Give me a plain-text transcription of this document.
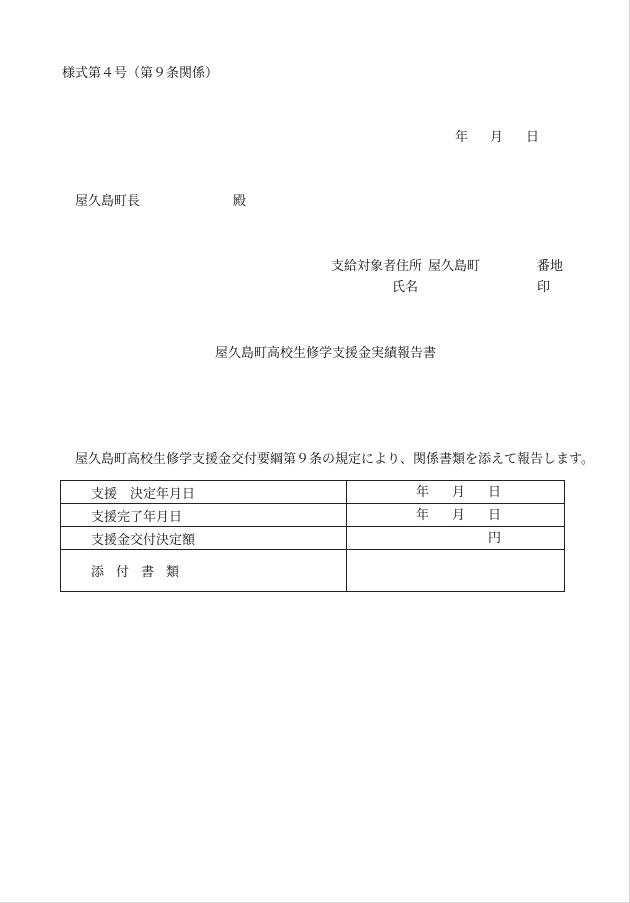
様式第４号（第９条関係）
年 月 日
屋久島町長	殿
支給対象者住所 屋久島町	番地
氏名	印
屋久島町高校生修学支援金実績報告書
屋久島町高校生修学支援金交付要綱第９条の規定により、関係書類を添えて報告します。
支援　決定年月日	年 月 日

支援完了年月日	年 月 日

支援金交付決定額	円

添付書類	
